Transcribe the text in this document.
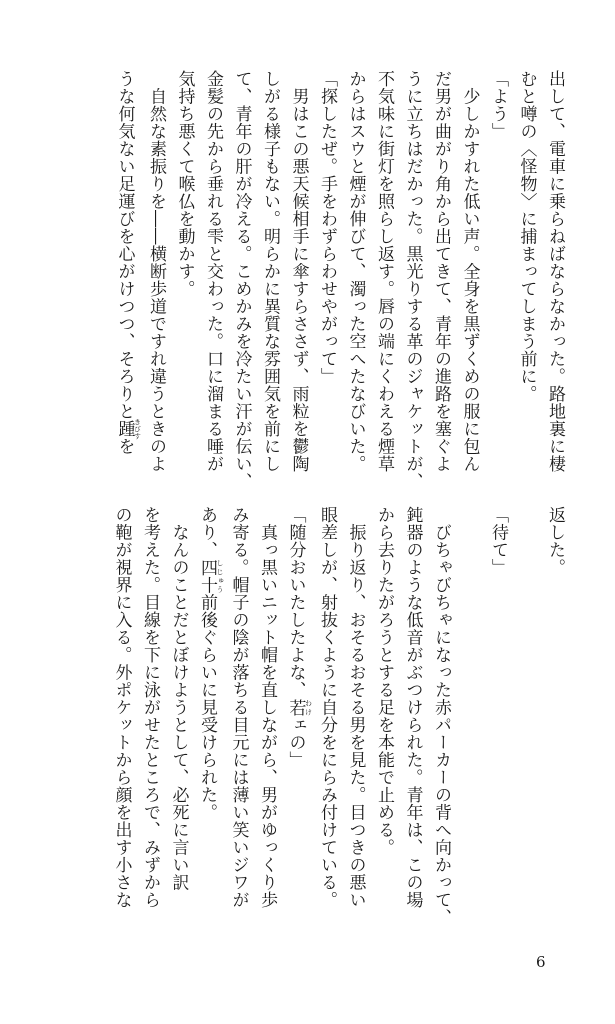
出して、電車に乗らねばならなかった。路地裏に棲

むと噂の〈怪物〉に捕まってしまう前に。

「よう」

　少しかすれた低い声。全身を黒ずくめの服に包ん

だ男が曲がり角から出てきて、青年の進路を塞ぐよ

うに立ちはだかった。黒光りする革のジャケットが、

不気味に街灯を照らし返す。唇の端にくわえる煙草

からはスウと煙が伸びて、濁った空へたなびいた。

「探したぜ。手をわずらわせやがって」

　男はこの悪天候相手に傘すらささず、雨粒を鬱陶

しがる様子もない。明らかに異質な雰囲気を前にし

て、青年の肝が冷える。こめかみを冷たい汗が伝い、

金髪の先から垂れる雫と交わった。口に溜まる唾が

気持ち悪くて喉仏を動かす。

　自然な素振りを――横断歩道ですれ違うときのよ

うな何気ない足運びを心がけつつ、そろりと踵 きびすを

返した。

「待て」

　びちゃびちゃになった赤パーカーの背へ向かって、

鈍器のような低音がぶつけられた。青年は、この場

から去りたがろうとする足を本能で止める。

　振り返り、おそるおそる男を見た。目つきの悪い

眼差しが、射抜くように自分をにらみ付けている。

「随分おいたしたよな、若 わけェの」

　真っ黒いニット帽を直しながら、男がゆっくり歩

み寄る。帽子の陰が落ちる目元には薄い笑いジワが

あり、四十 しじゅう前後ぐらいに見受けられた。

　なんのことだとぼけようとして、必死に言い訳

を考えた。目線を下に泳がせたところで、みずから

の鞄が視界に入る。外ポケットから顔を出す小さな

6
